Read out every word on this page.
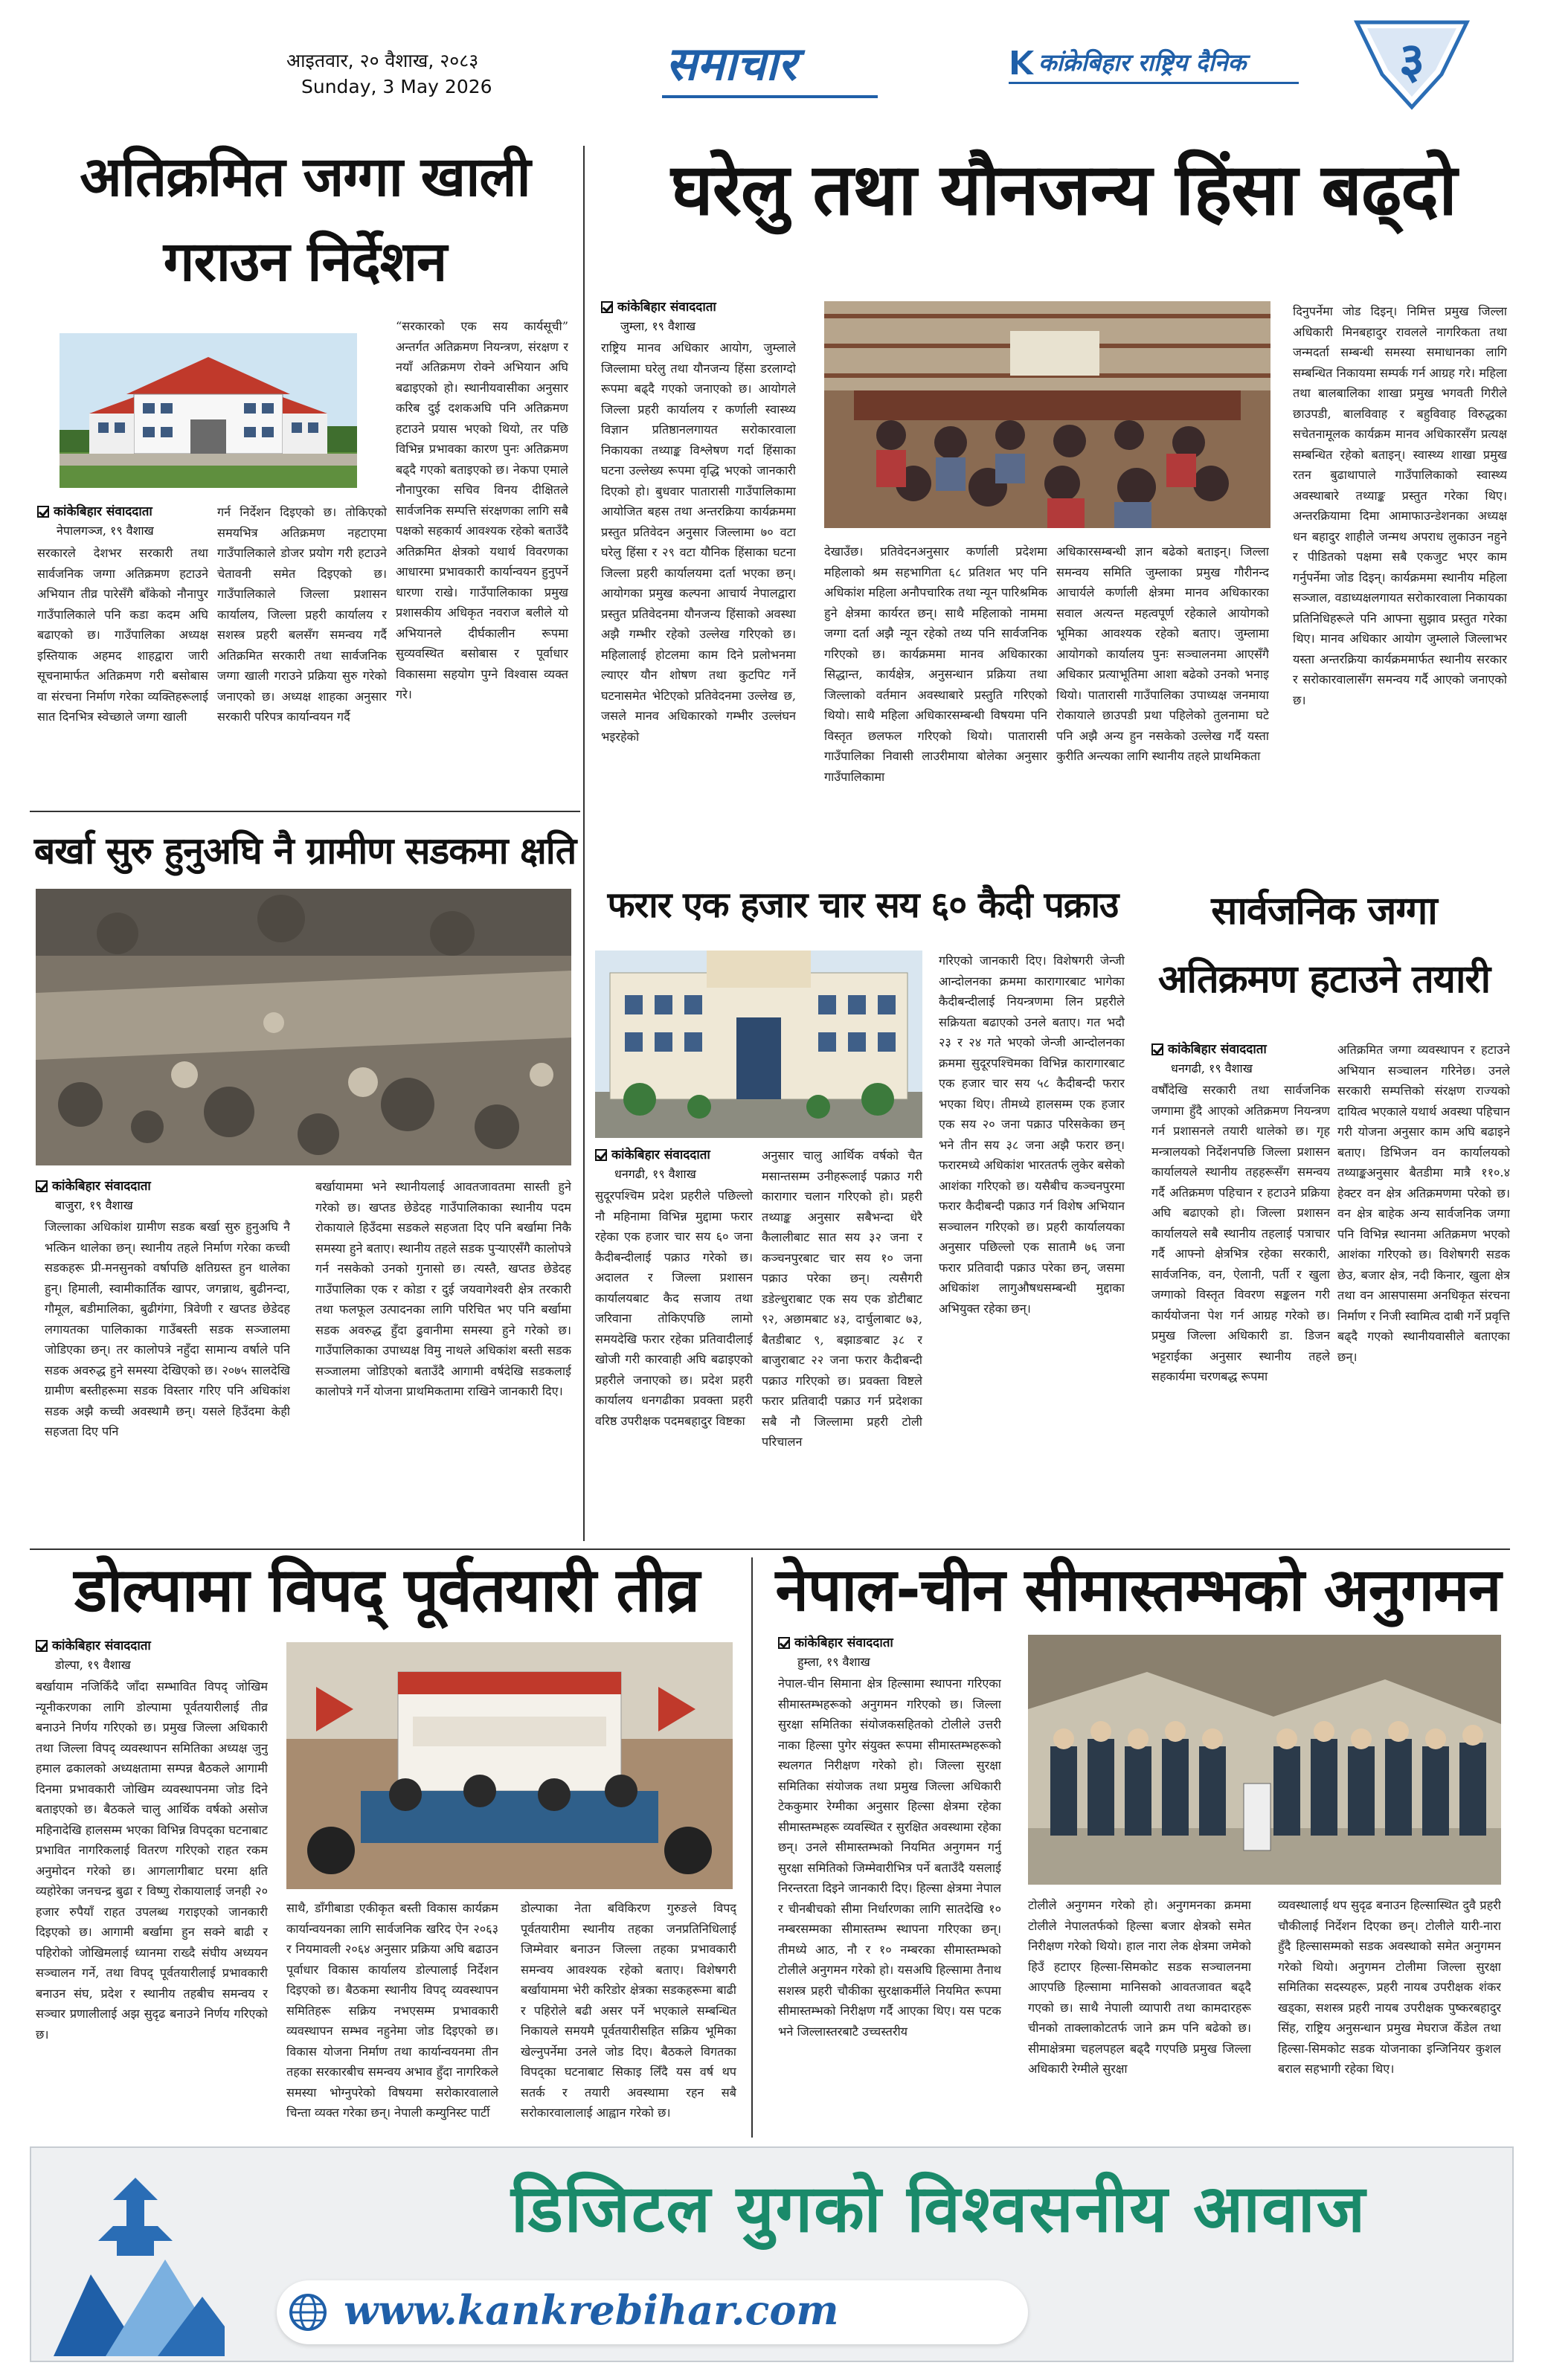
आइतवार, २० वैशाख, २०८३
Sunday, 3 May 2026	समाचार	कांक्रेबिहार राष्ट्रिय दैनिक	३
अतिक्रमित जग्गा खाली
गराउन निर्देशन
“सरकारको एक सय कार्यसूची” अन्तर्गत अतिक्रमण नियन्त्रण, संरक्षण र नयाँ अतिक्रमण रोक्ने अभियान अघि बढाइएको हो। स्थानीयवासीका अनुसार करिब दुई दशकअघि पनि अतिक्रमण हटाउने प्रयास भएको थियो, तर पछि विभिन्न प्रभावका कारण पुनः अतिक्रमण बढ्दै गएको बताइएको छ। नेकपा एमाले नौनापुरका सचिव विनय दीक्षितले सार्वजनिक सम्पत्ति संरक्षणका लागि सबै पक्षको सहकार्य आवश्यक रहेको बताउँदै अतिक्रमित क्षेत्रको यथार्थ विवरणका आधारमा प्रभावकारी कार्यान्वयन हुनुपर्ने धारणा राखे। गाउँपालिकाका प्रमुख प्रशासकीय अधिकृत नवराज बलीले यो अभियानले दीर्घकालीन रूपमा सुव्यवस्थित बसोबास र पूर्वाधार विकासमा सहयोग पुग्ने विश्वास व्यक्त गरे।
कांकेबिहार संवाददाता
नेपालगञ्ज, १९ वैशाख
सरकारले देशभर सरकारी तथा सार्वजनिक जग्गा अतिक्रमण हटाउने अभियान तीव्र पारेसँगै बाँकेको नौनापुर गाउँपालिकाले पनि कडा कदम अघि बढाएको छ। गाउँपालिका अध्यक्ष इस्तियाक अहमद शाहद्वारा जारी सूचनामार्फत अतिक्रमण गरी बसोबास वा संरचना निर्माण गरेका व्यक्तिहरूलाई सात दिनभित्र स्वेच्छाले जग्गा खाली
गर्न निर्देशन दिइएको छ। तोकिएको समयभित्र अतिक्रमण नहटाएमा गाउँपालिकाले डोजर प्रयोग गरी हटाउने चेतावनी समेत दिइएको छ। गाउँपालिकाले जिल्ला प्रशासन कार्यालय, जिल्ला प्रहरी कार्यालय र सशस्त्र प्रहरी बलसँग समन्वय गर्दै अतिक्रमित सरकारी तथा सार्वजनिक जग्गा खाली गराउने प्रक्रिया सुरु गरेको जनाएको छ। अध्यक्ष शाहका अनुसार सरकारी परिपत्र कार्यान्वयन गर्दै
घरेलु तथा यौनजन्य हिंसा बढ्दो
कांकेबिहार संवाददाता
जुम्ला, १९ वैशाख
राष्ट्रिय मानव अधिकार आयोग, जुम्लाले जिल्लामा घरेलु तथा यौनजन्य हिंसा डरलाग्दो रूपमा बढ्दै गएको जनाएको छ। आयोगले जिल्ला प्रहरी कार्यालय र कर्णाली स्वास्थ्य विज्ञान प्रतिष्ठानलगायत सरोकारवाला निकायका तथ्याङ्क विश्लेषण गर्दा हिंसाका घटना उल्लेख्य रूपमा वृद्धि भएको जानकारी दिएको हो। बुधवार पातारासी गाउँपालिकामा आयोजित बहस तथा अन्तरक्रिया कार्यक्रममा प्रस्तुत प्रतिवेदन अनुसार जिल्लामा ७० वटा घरेलु हिंसा र २९ वटा यौनिक हिंसाका घटना जिल्ला प्रहरी कार्यालयमा दर्ता भएका छन्। आयोगका प्रमुख कल्पना आचार्य नेपालद्वारा प्रस्तुत प्रतिवेदनमा यौनजन्य हिंसाको अवस्था अझै गम्भीर रहेको उल्लेख गरिएको छ। महिलालाई होटलमा काम दिने प्रलोभनमा ल्याएर यौन शोषण तथा कुटपिट गर्ने घटनासमेत भेटिएको प्रतिवेदनमा उल्लेख छ, जसले मानव अधिकारको गम्भीर उल्लंघन भइरहेको
देखाउँछ। प्रतिवेदनअनुसार कर्णाली प्रदेशमा महिलाको श्रम सहभागिता ६८ प्रतिशत भए पनि अधिकांश महिला अनौपचारिक तथा न्यून पारिश्रमिक हुने क्षेत्रमा कार्यरत छन्। साथै महिलाको नाममा जग्गा दर्ता अझै न्यून रहेको तथ्य पनि सार्वजनिक गरिएको छ। कार्यक्रममा मानव अधिकारका सिद्धान्त, कार्यक्षेत्र, अनुसन्धान प्रक्रिया तथा जिल्लाको वर्तमान अवस्थाबारे प्रस्तुति गरिएको थियो। साथै महिला अधिकारसम्बन्धी विषयमा पनि विस्तृत छलफल गरिएको थियो। पातारासी गाउँपालिका निवासी लाउरीमाया बोलेका अनुसार गाउँपालिकामा
अधिकारसम्बन्धी ज्ञान बढेको बताइन्। जिल्ला समन्वय समिति जुम्लाका प्रमुख गौरीनन्द आचार्यले कर्णाली क्षेत्रमा मानव अधिकारका सवाल अत्यन्त महत्वपूर्ण रहेकाले आयोगको भूमिका आवश्यक रहेको बताए। जुम्लामा आयोगको कार्यालय पुनः सञ्चालनमा आएसँगै अधिकार प्रत्याभूतिमा आशा बढेको उनको भनाइ थियो। पातारासी गाउँपालिका उपाध्यक्ष जनमाया रोकायाले छाउपडी प्रथा पहिलेको तुलनामा घटे पनि अझै अन्य हुन नसकेको उल्लेख गर्दै यस्ता कुरीति अन्त्यका लागि स्थानीय तहले प्राथमिकता
दिनुपर्नेमा जोड दिइन्। निमित्त प्रमुख जिल्ला अधिकारी मिनबहादुर रावलले नागरिकता तथा जन्मदर्ता सम्बन्धी समस्या समाधानका लागि सम्बन्धित निकायमा सम्पर्क गर्न आग्रह गरे। महिला तथा बालबालिका शाखा प्रमुख भगवती गिरीले छाउपडी, बालविवाह र बहुविवाह विरुद्धका सचेतनामूलक कार्यक्रम मानव अधिकारसँग प्रत्यक्ष सम्बन्धित रहेको बताइन्। स्वास्थ्य शाखा प्रमुख रतन बुढाथापाले गाउँपालिकाको स्वास्थ्य अवस्थाबारे तथ्याङ्क प्रस्तुत गरेका थिए। अन्तरक्रियामा दिमा आमाफाउन्डेशनका अध्यक्ष धन बहादुर शाहीले जन्मथ अपराध लुकाउन नहुने र पीडितको पक्षमा सबै एकजुट भएर काम गर्नुपर्नेमा जोड दिइन्। कार्यक्रममा स्थानीय महिला सञ्जाल, वडाध्यक्षलगायत सरोकारवाला निकायका प्रतिनिधिहरूले पनि आफ्ना सुझाव प्रस्तुत गरेका थिए। मानव अधिकार आयोग जुम्लाले जिल्लाभर यस्ता अन्तरक्रिया कार्यक्रममार्फत स्थानीय सरकार र सरोकारवालासँग समन्वय गर्दै आएको जनाएको छ।
बर्खा सुरु हुनुअघि नै ग्रामीण सडकमा क्षति
कांकेबिहार संवाददाता
बाजुरा, १९ वैशाख
जिल्लाका अधिकांश ग्रामीण सडक बर्खा सुरु हुनुअघि नै भत्किन थालेका छन्। स्थानीय तहले निर्माण गरेका कच्ची सडकहरू प्री-मनसुनको वर्षापछि क्षतिग्रस्त हुन थालेका हुन्। हिमाली, स्वामीकार्तिक खापर, जगन्नाथ, बुढीनन्दा, गौमूल, बडीमालिका, बुढीगंगा, त्रिवेणी र खप्तड छेडेदह लगायतका पालिकाका गाउँबस्ती सडक सञ्जालमा जोडिएका छन्। तर कालोपत्रे नहुँदा सामान्य वर्षाले पनि सडक अवरुद्ध हुने समस्या देखिएको छ। २०७५ सालदेखि ग्रामीण बस्तीहरूमा सडक विस्तार गरिए पनि अधिकांश सडक अझै कच्ची अवस्थामै छन्। यसले हिउँदमा केही सहजता दिए पनि
बर्खायाममा भने स्थानीयलाई आवतजावतमा सास्ती हुने गरेको छ। खप्तड छेडेदह गाउँपालिकाका स्थानीय पदम रोकायाले हिउँदमा सडकले सहजता दिए पनि बर्खामा निकै समस्या हुने बताए। स्थानीय तहले सडक पुऱ्याएसँगै कालोपत्रे गर्न नसकेको उनको गुनासो छ। त्यस्तै, खप्तड छेडेदह गाउँपालिका एक र कोडा र दुई जयवागेश्वरी क्षेत्र तरकारी तथा फलफूल उत्पादनका लागि परिचित भए पनि बर्खामा सडक अवरुद्ध हुँदा ढुवानीमा समस्या हुने गरेको छ। गाउँपालिकाका उपाध्यक्ष विमु नाथले अधिकांश बस्ती सडक सञ्जालमा जोडिएको बताउँदै आगामी वर्षदेखि सडकलाई कालोपत्रे गर्ने योजना प्राथमिकतामा राखिने जानकारी दिए।
फरार एक हजार चार सय ६० कैदी पक्राउ
कांकेबिहार संवाददाता
धनगढी, १९ वैशाख
सुदूरपश्चिम प्रदेश प्रहरीले पछिल्लो नौ महिनामा विभिन्न मुद्दामा फरार रहेका एक हजार चार सय ६० जना कैदीबन्दीलाई पक्राउ गरेको छ। अदालत र जिल्ला प्रशासन कार्यालयबाट कैद सजाय तथा जरिवाना तोकिएपछि लामो समयदेखि फरार रहेका प्रतिवादीलाई खोजी गरी कारवाही अघि बढाइएको प्रहरीले जनाएको छ। प्रदेश प्रहरी कार्यालय धनगढीका प्रवक्ता प्रहरी वरिष्ठ उपरीक्षक पदमबहादुर विष्टका
अनुसार चालु आर्थिक वर्षको चैत मसान्तसम्म उनीहरूलाई पक्राउ गरी कारागार चलान गरिएको हो। प्रहरी तथ्याङ्क अनुसार सबैभन्दा धेरै कैलालीबाट सात सय ३२ जना र कञ्चनपुरबाट चार सय १० जना पक्राउ परेका छन्। त्यसैगरी डडेल्धुराबाट एक सय एक डोटीबाट ९२, अछामबाट ४३, दार्चुलाबाट ७३, बैतडीबाट ९, बझाङबाट ३८ र बाजुराबाट २२ जना फरार कैदीबन्दी पक्राउ गरिएको छ। प्रवक्ता विष्टले फरार प्रतिवादी पक्राउ गर्न प्रदेशका सबै नौ जिल्लामा प्रहरी टोली परिचालन
गरिएको जानकारी दिए। विशेषगरी जेन्जी आन्दोलनका क्रममा कारागारबाट भागेका कैदीबन्दीलाई नियन्त्रणमा लिन प्रहरीले सक्रियता बढाएको उनले बताए। गत भदौ २३ र २४ गते भएको जेन्जी आन्दोलनका क्रममा सुदूरपश्चिमका विभिन्न कारागारबाट एक हजार चार सय ५८ कैदीबन्दी फरार भएका थिए। तीमध्ये हालसम्म एक हजार एक सय २० जना पक्राउ परिसकेका छन् भने तीन सय ३८ जना अझै फरार छन्। फरारमध्ये अधिकांश भारततर्फ लुकेर बसेको आशंका गरिएको छ। यसैबीच कञ्चनपुरमा फरार कैदीबन्दी पक्राउ गर्न विशेष अभियान सञ्चालन गरिएको छ। प्रहरी कार्यालयका अनुसार पछिल्लो एक सातामै ७६ जना फरार प्रतिवादी पक्राउ परेका छन्, जसमा अधिकांश लागुऔषधसम्बन्धी मुद्दाका अभियुक्त रहेका छन्।
सार्वजनिक जग्गा
अतिक्रमण हटाउने तयारी
कांकेबिहार संवाददाता
धनगढी, १९ वैशाख
वर्षौंदेखि सरकारी तथा सार्वजनिक जग्गामा हुँदै आएको अतिक्रमण नियन्त्रण गर्न प्रशासनले तयारी थालेको छ। गृह मन्त्रालयको निर्देशनपछि जिल्ला प्रशासन कार्यालयले स्थानीय तहहरूसँग समन्वय गर्दै अतिक्रमण पहिचान र हटाउने प्रक्रिया अघि बढाएको हो। जिल्ला प्रशासन कार्यालयले सबै स्थानीय तहलाई पत्राचार गर्दै आफ्नो क्षेत्रभित्र रहेका सरकारी, सार्वजनिक, वन, ऐलानी, पर्ती र खुला जग्गाको विस्तृत विवरण सङ्कलन गरी कार्ययोजना पेश गर्न आग्रह गरेको छ। प्रमुख जिल्ला अधिकारी डा. डिजन भट्टराईका अनुसार स्थानीय तहले सहकार्यमा चरणबद्ध रूपमा
अतिक्रमित जग्गा व्यवस्थापन र हटाउने अभियान सञ्चालन गरिनेछ। उनले सरकारी सम्पत्तिको संरक्षण राज्यको दायित्व भएकाले यथार्थ अवस्था पहिचान गरी योजना अनुसार काम अघि बढाइने बताए। डिभिजन वन कार्यालयको तथ्याङ्कअनुसार बैतडीमा मात्रै ११०.४ हेक्टर वन क्षेत्र अतिक्रमणमा परेको छ। वन क्षेत्र बाहेक अन्य सार्वजनिक जग्गा पनि विभिन्न स्थानमा अतिक्रमण भएको आशंका गरिएको छ। विशेषगरी सडक छेउ, बजार क्षेत्र, नदी किनार, खुला क्षेत्र तथा वन आसपासमा अनधिकृत संरचना निर्माण र निजी स्वामित्व दाबी गर्ने प्रवृत्ति बढ्दै गएको स्थानीयवासीले बताएका छन्।
डोल्पामा विपद् पूर्वतयारी तीव्र
कांकेबिहार संवाददाता
डोल्पा, १९ वैशाख
बर्खायाम नजिकिँदै जाँदा सम्भावित विपद् जोखिम न्यूनीकरणका लागि डोल्पामा पूर्वतयारीलाई तीव्र बनाउने निर्णय गरिएको छ। प्रमुख जिल्ला अधिकारी तथा जिल्ला विपद् व्यवस्थापन समितिका अध्यक्ष जुनु हमाल ढकालको अध्यक्षतामा सम्पन्न बैठकले आगामी दिनमा प्रभावकारी जोखिम व्यवस्थापनमा जोड दिने बताइएको छ। बैठकले चालु आर्थिक वर्षको असोज महिनादेखि हालसम्म भएका विभिन्न विपद्का घटनाबाट प्रभावित नागरिकलाई वितरण गरिएको राहत रकम अनुमोदन गरेको छ। आगलागीबाट घरमा क्षति व्यहोरेका जनचन्द्र बुढा र विष्णु रोकायालाई जनही २० हजार रुपैयाँ राहत उपलब्ध गराइएको जानकारी दिइएको छ। आगामी बर्खामा हुन सक्ने बाढी र पहिरोको जोखिमलाई ध्यानमा राख्दै संघीय अध्ययन सञ्चालन गर्ने, तथा विपद् पूर्वतयारीलाई प्रभावकारी बनाउन संघ, प्रदेश र स्थानीय तहबीच समन्वय र सञ्चार प्रणालीलाई अझ सुदृढ बनाउने निर्णय गरिएको छ।
साथै, डाँगीबाडा एकीकृत बस्ती विकास कार्यक्रम कार्यान्वयनका लागि सार्वजनिक खरिद ऐन २०६३ र नियमावली २०६४ अनुसार प्रक्रिया अघि बढाउन पूर्वाधार विकास कार्यालय डोल्पालाई निर्देशन दिइएको छ। बैठकमा स्थानीय विपद् व्यवस्थापन समितिहरू सक्रिय नभएसम्म प्रभावकारी व्यवस्थापन सम्भव नहुनेमा जोड दिइएको छ। विकास योजना निर्माण तथा कार्यान्वयनमा तीन तहका सरकारबीच समन्वय अभाव हुँदा नागरिकले समस्या भोग्नुपरेको विषयमा सरोकारवालाले चिन्ता व्यक्त गरेका छन्। नेपाली कम्युनिस्ट पार्टी
डोल्पाका नेता बविकिरण गुरुङले विपद् पूर्वतयारीमा स्थानीय तहका जनप्रतिनिधिलाई जिम्मेवार बनाउन जिल्ला तहका प्रभावकारी समन्वय आवश्यक रहेको बताए। विशेषगरी बर्खायाममा भेरी करिडोर क्षेत्रका सडकहरूमा बाढी र पहिरोले बढी असर पर्ने भएकाले सम्बन्धित निकायले समयमै पूर्वतयारीसहित सक्रिय भूमिका खेल्नुपर्नेमा उनले जोड दिए। बैठकले विगतका विपद्का घटनाबाट सिकाइ लिँदै यस वर्ष थप सतर्क र तयारी अवस्थामा रहन सबै सरोकारवालालाई आह्वान गरेको छ।
नेपाल-चीन सीमास्तम्भको अनुगमन
कांकेबिहार संवाददाता
हुम्ला, १९ वैशाख
नेपाल-चीन सिमाना क्षेत्र हिल्सामा स्थापना गरिएका सीमास्तम्भहरूको अनुगमन गरिएको छ। जिल्ला सुरक्षा समितिका संयोजकसहितको टोलीले उत्तरी नाका हिल्सा पुगेर संयुक्त रूपमा सीमास्तम्भहरूको स्थलगत निरीक्षण गरेको हो। जिल्ला सुरक्षा समितिका संयोजक तथा प्रमुख जिल्ला अधिकारी टेककुमार रेग्मीका अनुसार हिल्सा क्षेत्रमा रहेका सीमास्तम्भहरू व्यवस्थित र सुरक्षित अवस्थामा रहेका छन्। उनले सीमास्तम्भको नियमित अनुगमन गर्नु सुरक्षा समितिको जिम्मेवारीभित्र पर्ने बताउँदै यसलाई निरन्तरता दिइने जानकारी दिए। हिल्सा क्षेत्रमा नेपाल र चीनबीचको सीमा निर्धारणका लागि सातदेखि १० नम्बरसम्मका सीमास्तम्भ स्थापना गरिएका छन्। तीमध्ये आठ, नौ र १० नम्बरका सीमास्तम्भको टोलीले अनुगमन गरेको हो। यसअघि हिल्सामा तैनाथ सशस्त्र प्रहरी चौकीका सुरक्षाकर्मीले नियमित रूपमा सीमास्तम्भको निरीक्षण गर्दै आएका थिए। यस पटक भने जिल्लास्तरबाटै उच्चस्तरीय
टोलीले अनुगमन गरेको हो। अनुगमनका क्रममा टोलीले नेपालतर्फको हिल्सा बजार क्षेत्रको समेत निरीक्षण गरेको थियो। हाल नारा लेक क्षेत्रमा जमेको हिउँ हटाएर हिल्सा-सिमकोट सडक सञ्चालनमा आएपछि हिल्सामा मानिसको आवतजावत बढ्दै गएको छ। साथै नेपाली व्यापारी तथा कामदारहरू चीनको ताक्लाकोटतर्फ जाने क्रम पनि बढेको छ। सीमाक्षेत्रमा चहलपहल बढ्दै गएपछि प्रमुख जिल्ला अधिकारी रेग्मीले सुरक्षा
व्यवस्थालाई थप सुदृढ बनाउन हिल्सास्थित दुवै प्रहरी चौकीलाई निर्देशन दिएका छन्। टोलीले यारी-नारा हुँदै हिल्सासम्मको सडक अवस्थाको समेत अनुगमन गरेको थियो। अनुगमन टोलीमा जिल्ला सुरक्षा समितिका सदस्यहरू, प्रहरी नायब उपरीक्षक शंकर खड्का, सशस्त्र प्रहरी नायब उपरीक्षक पुष्करबहादुर सिंह, राष्ट्रिय अनुसन्धान प्रमुख मेघराज केँडेल तथा हिल्सा-सिमकोट सडक योजनाका इन्जिनियर कुशल बराल सहभागी रहेका थिए।
डिजिटल युगको विश्वसनीय आवाज
www.kankrebihar.com
